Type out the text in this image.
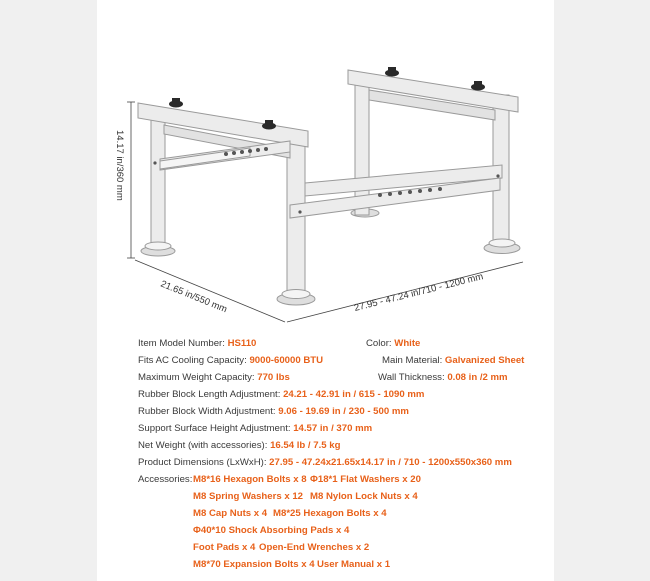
14.17 in/360 mm
21.65 in/550 mm	27.95 - 47.24 in/710 - 1200 mm
Item Model Number: HS110	Color: White
Fits AC Cooling Capacity: 9000-60000 BTU	Main Material: Galvanized Sheet
Maximum Weight Capacity: 770 lbs	Wall Thickness: 0.08 in /2 mm
Rubber Block Length Adjustment: 24.21 - 42.91 in / 615 - 1090 mm
Rubber Block Width Adjustment: 9.06 - 19.69 in / 230 - 500 mm
Support Surface Height Adjustment: 14.57 in / 370 mm
Net Weight (with accessories): 16.54 lb / 7.5 kg
Product Dimensions (LxWxH): 27.95 - 47.24x21.65x14.17 in / 710 - 1200x550x360 mm
Accessories: M8*16 Hexagon Bolts x 8 Φ18*1 Flat Washers x 20
M8 Spring Washers x 12 M8 Nylon Lock Nuts x 4
M8 Cap Nuts x 4 M8*25 Hexagon Bolts x 4
Φ40*10 Shock Absorbing Pads x 4
Foot Pads x 4 Open-End Wrenches x 2
M8*70 Expansion Bolts x 4 User Manual x 1
